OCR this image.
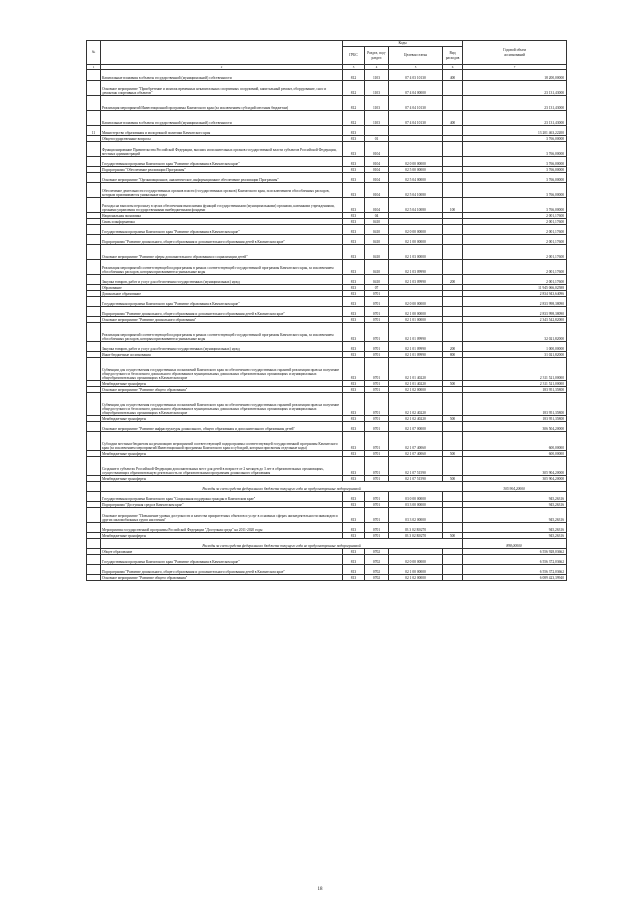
№		Коды				Годовой объем
ассигнований
		ГРБС	Раздел, под-
раздел	Целевая статья	Вид
расходов	
1	2	3	4	5	6	7
	Капитальные вложения в объекты государственной (муниципальной) собственности	812	1103	07 4 03 10130	400	18 200,00000
	Основное мероприятие "Приобретение и монтаж временных некапитальных спортивных сооружений, капитальный ремонт, оборудование, снос и демонтаж спортивных объектов"	812	1103	07 4 04 00000		23 131,43000
	Реализация мероприятий Инвестиционной программы Камчатского края (за исключением субсидий местным бюджетам)	812	1103	07 4 04 10130		23 131,43000
	Капитальные вложения в объекты государственной (муниципальной) собственности	812	1103	07 4 04 10130	400	23 131,43000
11	Министерство образования и молодежной политики Камчатского края	813				13 201 463,22200
	Общегосударственные вопросы	813	01			3 766,00000
	Функционирование Правительства Российской Федерации, высших исполнительных органов государственной власти субъектов Российской Федерации, местных администраций	813	0104			3 766,00000
	Государственная программа Камчатского края "Развитие образования в Камчатском крае"	813	0104	02 0 00 00000		3 766,00000
	Подпрограмма "Обеспечение реализации Программы"	813	0104	02 5 00 00000		3 766,00000
	Основное мероприятие "Организационное, аналитическое, информационное обеспечение реализации Программы"	813	0104	02 5 04 00000		3 766,00000
	Обеспечение деятельности государственных органов власти (государственных органов) Камчатского края, за исключением обособленных расходов, которым присваиваются уникальные коды	813	0104	02 5 04 10080		3 766,00000
	Расходы на выплаты персоналу в целях обеспечения выполнения функций государственными (муниципальными) органами, казенными учреждениями, органами управления государственными внебюджетными фондами	813	0104	02 5 04 10080	100	3 766,00000
	Национальная экономика	813	04			2 001,17600
	Связь и информатика	813	0410			2 001,17600
	Государственная программа Камчатского края "Развитие образования в Камчатском крае"	813	0410	02 0 00 00000		2 001,17600
	Подпрограмма "Развитие дошкольного, общего образования и дополнительного образования детей в Камчатском крае"	813	0410	02 1 00 00000		2 001,17600
	Основное мероприятие "Развитие сферы дополнительного образования и социализации детей"	813	0410	02 1 03 00000		2 001,17600
	Реализация мероприятий соответствующей подпрограммы в рамках соответствующей государственной программы Камчатского края, за исключением обособленных расходов, которым присваиваются уникальные коды	813	0410	02 1 03 09990		2 001,17600
	Закупка товаров, работ и услуг для обеспечения государственных (муниципальных) нужд	813	0410	02 1 03 09990	200	2 001,17600
	Образование	813	07			11 945 066,02588
	Дошкольное образование	813	0701			2 834 943,64096
	Государственная программа Камчатского края "Развитие образования в Камчатском крае"	813	0701	02 0 00 00000		2 833 998,38090
	Подпрограмма "Развитие дошкольного, общего образования и дополнительного образования детей в Камчатском крае"	813	0701	02 1 00 00000		2 833 998,38090
	Основное мероприятие "Развитие дошкольного образования"	813	0701	02 1 01 00000		2 343 542,82000
	Реализация мероприятий соответствующей подпрограммы в рамках соответствующей государственной программы Камчатского края, за исключением обособленных расходов, которым присваиваются уникальные коды	813	0701	02 1 01 09990		32 021,82000
	Закупка товаров, работ и услуг для обеспечения государственных (муниципальных) нужд	813	0701	02 1 01 09990	200	1 000,00000
	Иные бюджетные ассигнования	813	0701	02 1 01 09990	800	31 021,82000
	Субвенции для осуществления государственных полномочий Камчатского края по обеспечению государственных гарантий реализации прав на получение общедоступного и бесплатного дошкольного образования в муниципальных дошкольных образовательных организациях и муниципальных общеобразовательных организациях в Камчатском крае	813	0701	02 1 01 40220		2 311 521,00000
	Межбюджетные трансферты	813	0701	02 1 01 40220	500	2 311 521,00000
	Основное мероприятие "Развитие общего образования"	813	0701	02 1 02 00000		183 951,35800
	Субвенции для осуществления государственных полномочий Камчатского края по обеспечению государственных гарантий реализации прав на получение общедоступного и бесплатного дошкольного образования в муниципальных дошкольных образовательных организациях и муниципальных общеобразовательных организациях в Камчатском крае	813	0701	02 1 02 40220		183 951,35800
	Межбюджетные трансферты	813	0701	02 1 02 40220	500	183 951,35800
	Основное мероприятие "Развитие инфраструктуры дошкольного, общего образования и дополнительного образования детей"	813	0701	02 1 07 00000		306 504,20000
	Субсидии местным бюджетам на реализацию мероприятий соответствующей подпрограммы соответствующей государственной программы Камчатского края (за исключением мероприятий Инвестиционной программы Камчатского края и субсидий, которым присвоены отдельные коды)	813	0701	02 1 07 40060		600,00000
	Межбюджетные трансферты	813	0701	02 1 07 40060	500	600,00000
	Создание в субъектах Российской Федерации дополнительных мест для детей в возрасте от 2 месяцев до 3 лет в образовательных организациях, осуществляющих образовательную деятельность по образовательным программам дошкольного образования	813	0701	02 1 07 51590		305 904,20000
	Межбюджетные трансферты	813	0701	02 1 07 51590	500	305 904,20000
	Расходы за счет средств федерального бюджета текущего года не предусмотренные подпрограммой					305 904,20000
	Государственная программа Камчатского края "Социальная поддержка граждан в Камчатском крае"	813	0701	03 0 00 00000		945,26316
	Подпрограмма "Доступная среда в Камчатском крае"	813	0701	03 3 00 00000		945,26316
	Основное мероприятие "Повышение уровня доступности и качества приоритетных объектов и услуг в основных сферах жизнедеятельности инвалидов и других маломобильных групп населения"	813	0701	03 3 02 00000		945,26316
	Мероприятия государственной программы Российской Федерации "Доступная среда" на 2011-2020 годы	813	0701	03 3 02 R0270		945,26316
	Межбюджетные трансферты	813	0701	03 3 02 R0270	500	945,26316
	Расходы за счет средств федерального бюджета текущего года не предусмотренные подпрограммой					898,00000
	Общее образование	813	0702			6 556 928,03662
	Государственная программа Камчатского края "Развитие образования в Камчатском крае"	813	0702	02 0 00 00000		6 556 372,03662
	Подпрограмма "Развитие дошкольного, общего образования и дополнительного образования детей в Камчатском крае"	813	0702	02 1 00 00000		6 556 372,03662
	Основное мероприятие "Развитие общего образования"	813	0702	02 1 02 00000		6 089 423,39940
18
